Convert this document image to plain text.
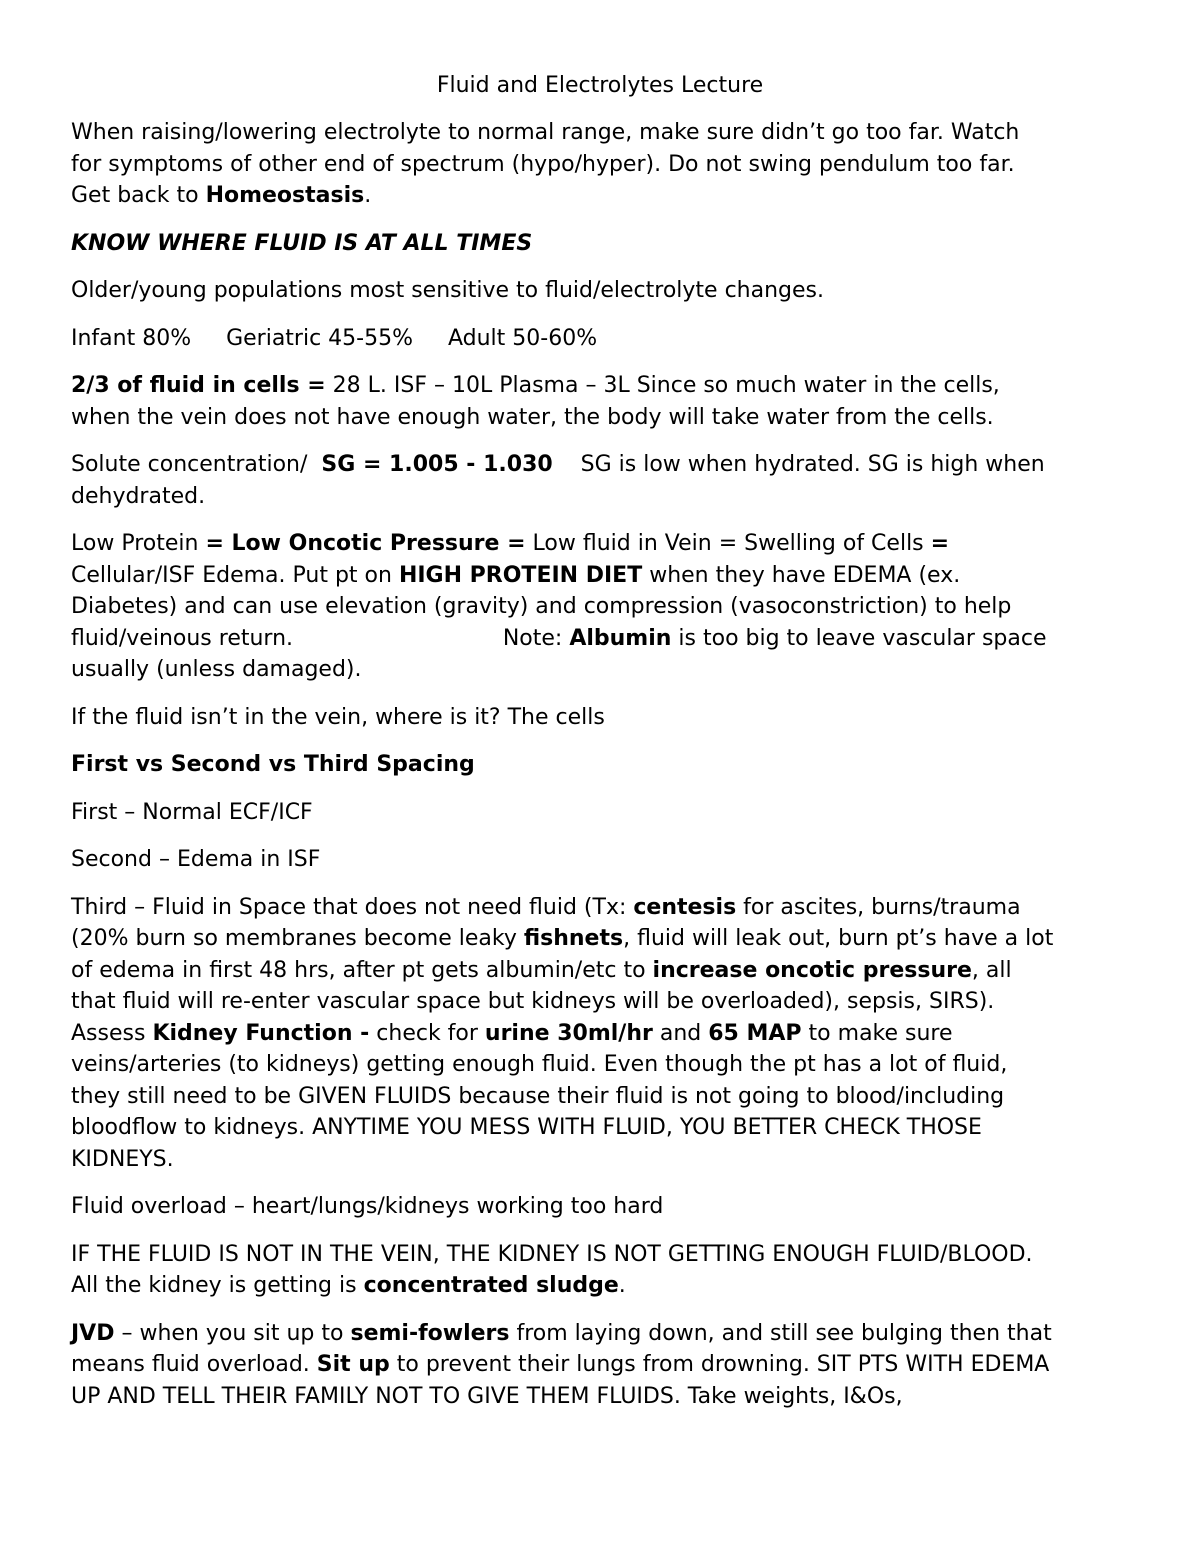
Fluid and Electrolytes Lecture

When raising/lowering electrolyte to normal range, make sure didn’t go too far. Watch
for symptoms of other end of spectrum (hypo/hyper). Do not swing pendulum too far.
Get back to Homeostasis.

KNOW WHERE FLUID IS AT ALL TIMES

Older/young populations most sensitive to fluid/electrolyte changes.

Infant 80%     Geriatric 45-55%     Adult 50-60%

2/3 of fluid in cells = 28 L. ISF – 10L Plasma – 3L Since so much water in the cells,
when the vein does not have enough water, the body will take water from the cells.

Solute concentration/  SG = 1.005 - 1.030    SG is low when hydrated. SG is high when
dehydrated.

Low Protein = Low Oncotic Pressure = Low fluid in Vein = Swelling of Cells =
Cellular/ISF Edema. Put pt on HIGH PROTEIN DIET when they have EDEMA (ex.
Diabetes) and can use elevation (gravity) and compression (vasoconstriction) to help
fluid/veinous return.                              Note: Albumin is too big to leave vascular space
usually (unless damaged).

If the fluid isn’t in the vein, where is it? The cells

First vs Second vs Third Spacing

First – Normal ECF/ICF

Second – Edema in ISF

Third – Fluid in Space that does not need fluid (Tx: centesis for ascites, burns/trauma
(20% burn so membranes become leaky fishnets, fluid will leak out, burn pt’s have a lot
of edema in first 48 hrs, after pt gets albumin/etc to increase oncotic pressure, all
that fluid will re-enter vascular space but kidneys will be overloaded), sepsis, SIRS).
Assess Kidney Function - check for urine 30ml/hr and 65 MAP to make sure
veins/arteries (to kidneys) getting enough fluid. Even though the pt has a lot of fluid,
they still need to be GIVEN FLUIDS because their fluid is not going to blood/including
bloodflow to kidneys. ANYTIME YOU MESS WITH FLUID, YOU BETTER CHECK THOSE
KIDNEYS.

Fluid overload – heart/lungs/kidneys working too hard

IF THE FLUID IS NOT IN THE VEIN, THE KIDNEY IS NOT GETTING ENOUGH FLUID/BLOOD.
All the kidney is getting is concentrated sludge.

JVD – when you sit up to semi-fowlers from laying down, and still see bulging then that
means fluid overload. Sit up to prevent their lungs from drowning. SIT PTS WITH EDEMA
UP AND TELL THEIR FAMILY NOT TO GIVE THEM FLUIDS. Take weights, I&Os,
